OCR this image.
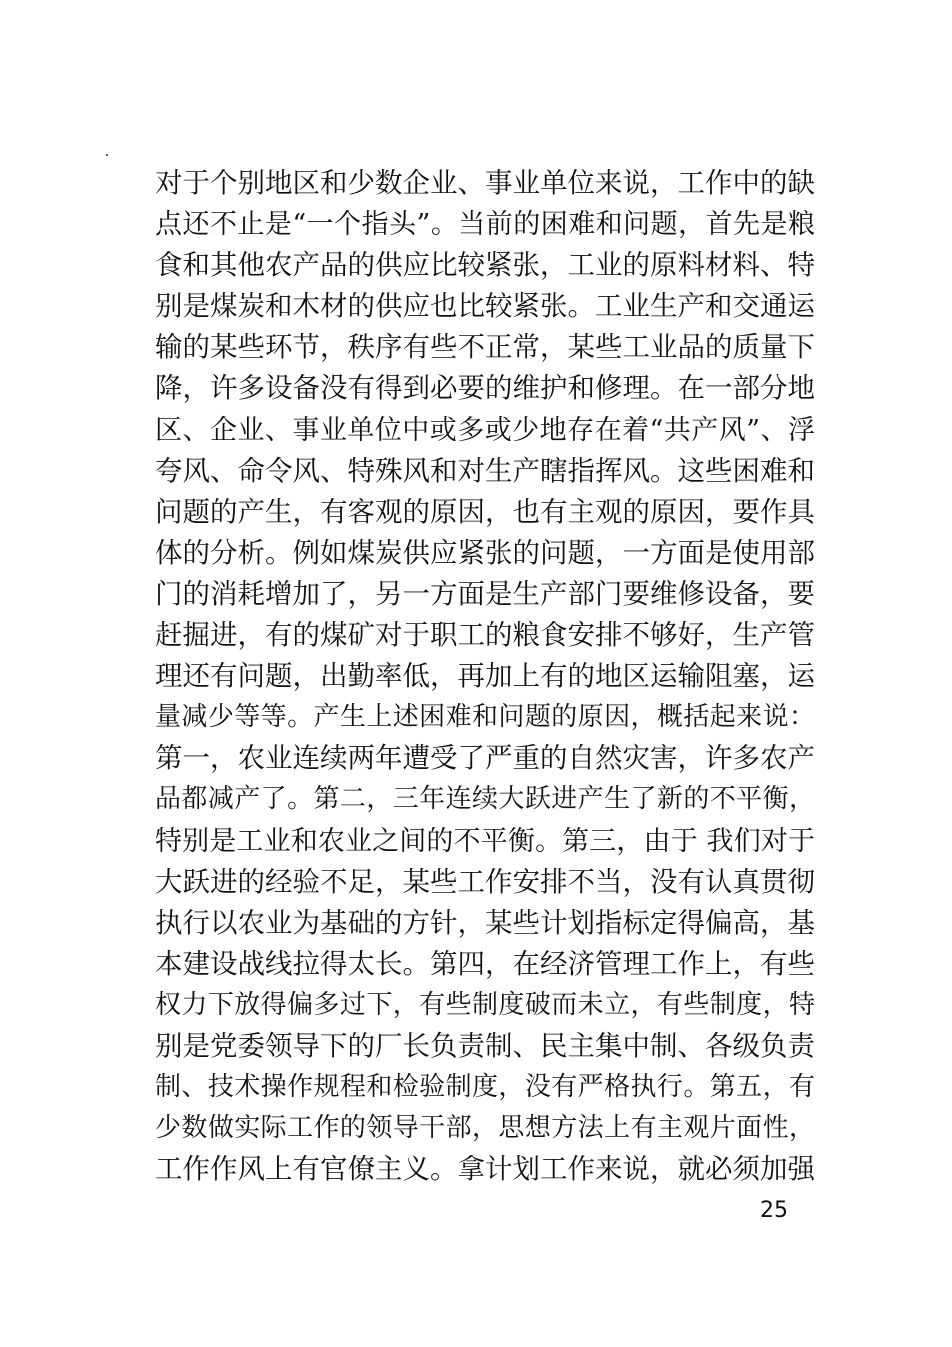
对于个别地区和少数企业、事业单位来说，工作中的缺
点还不止是“一个指头”。当前的困难和问题，首先是粮
食和其他农产品的供应比较紧张，工业的原料材料、特
别是煤炭和木材的供应也比较紧张。工业生产和交通运
输的某些环节，秩序有些不正常，某些工业品的质量下
降，许多设备没有得到必要的维护和修理。在一部分地
区、企业、事业单位中或多或少地存在着“共产风”、浮
夸风、命令风、特殊风和对生产瞎指挥风。这些困难和
问题的产生，有客观的原因，也有主观的原因，要作具
体的分析。例如煤炭供应紧张的问题，一方面是使用部
门的消耗增加了，另一方面是生产部门要维修设备，要
赶掘进，有的煤矿对于职工的粮食安排不够好，生产管
理还有问题，出勤率低，再加上有的地区运输阻塞，运
量减少等等。产生上述困难和问题的原因，概括起来说：
第一，农业连续两年遭受了严重的自然灾害，许多农产
品都减产了。第二，三年连续大跃进产生了新的不平衡，
特别是工业和农业之间的不平衡。第三，由于 我们对于
大跃进的经验不足，某些工作安排不当，没有认真贯彻
执行以农业为基础的方针，某些计划指标定得偏高，基
本建设战线拉得太长。第四，在经济管理工作上，有些
权力下放得偏多过下，有些制度破而未立，有些制度，特
别是党委领导下的厂长负责制、民主集中制、各级负责
制、技术操作规程和检验制度，没有严格执行。第五，有
少数做实际工作的领导干部，思想方法上有主观片面性，
工作作风上有官僚主义。拿计划工作来说，就必须加强
25
